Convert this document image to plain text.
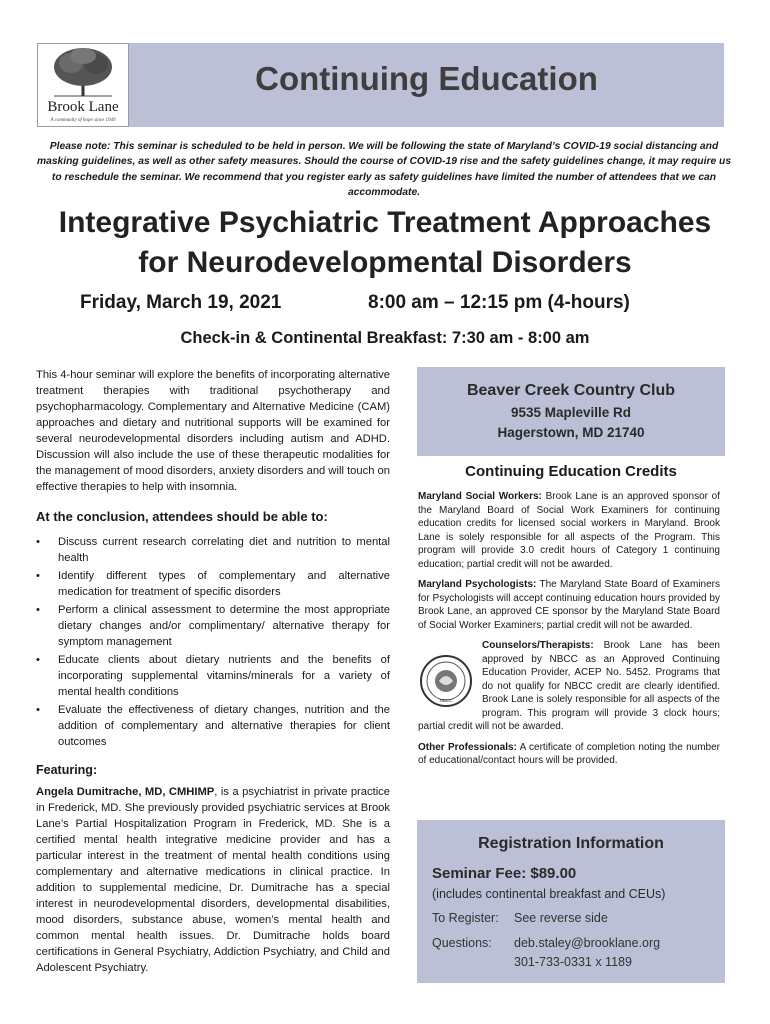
Brook Lane
A community of hope since 1949
Continuing Education
Please note: This seminar is scheduled to be held in person. We will be following the state of Maryland’s COVID-19 social distancing and masking guidelines, as well as other safety measures. Should the course of COVID-19 rise and the safety guidelines change, it may require us to reschedule the seminar. We recommend that you register early as safety guidelines have limited the number of attendees that we can accommodate.
Integrative Psychiatric Treatment Approaches
for Neurodevelopmental Disorders
Friday, March 19, 2021	8:00 am – 12:15 pm (4-hours)
Check-in & Continental Breakfast: 7:30 am - 8:00 am

This 4-hour seminar will explore the benefits of incorporating alternative treatment therapies with traditional psychotherapy and psychopharmacology. Complementary and Alternative Medicine (CAM) approaches and dietary and nutritional supports will be examined for several neurodevelopmental disorders including autism and ADHD. Discussion will also include the use of these therapeutic modalities for the management of mood disorders, anxiety disorders and will touch on effective therapies to help with insomnia.

At the conclusion, attendees should be able to:
• Discuss current research correlating diet and nutrition to mental health
• Identify different types of complementary and alternative medication for treatment of specific disorders
• Perform a clinical assessment to determine the most appropriate dietary changes and/or complimentary/ alternative therapy for symptom management
• Educate clients about dietary nutrients and the benefits of incorporating supplemental vitamins/minerals for a variety of mental health conditions
• Evaluate the effectiveness of dietary changes, nutrition and the addition of complementary and alternative therapies for client outcomes
Featuring:

Angela Dumitrache, MD, CMHIMP, is a psychiatrist in private practice in Frederick, MD. She previously provided psychiatric services at Brook Lane’s Partial Hospitalization Program in Frederick, MD. She is a certified mental health integrative medicine provider and has a particular interest in the treatment of mental health conditions using complementary and alternative medications in clinical practice. In addition to supplemental medicine, Dr. Dumitrache has a special interest in neurodevelopmental disorders, developmental disabilities, mood disorders, substance abuse, women’s mental health and common mental health issues. Dr. Dumitrache holds board certifications in General Psychiatry, Addiction Psychiatry, and Child and Adolescent Psychiatry.

Beaver Creek Country Club
9535 Mapleville Rd
Hagerstown, MD 21740
Continuing Education Credits

Maryland Social Workers: Brook Lane is an approved sponsor of the Maryland Board of Social Work Examiners for continuing education credits for licensed social workers in Maryland. Brook Lane is solely responsible for all aspects of the Program. This program will provide 3.0 credit hours of Category 1 continuing education; partial credit will not be awarded.

Maryland Psychologists: The Maryland State Board of Examiners for Psychologists will accept continuing education hours provided by Brook Lane, an approved CE sponsor by the Maryland State Board of Social Worker Examiners; partial credit will not be awarded.

NBCC
Counselors/Therapists: Brook Lane has been approved by NBCC as an Approved Continuing Education Provider, ACEP No. 5452. Programs that do not qualify for NBCC credit are clearly identified. Brook Lane is solely responsible for all aspects of the program. This program will provide 3 clock hours; partial credit will not be awarded.

Other Professionals: A certificate of completion noting the number of educational/contact hours will be provided.

Registration Information
Seminar Fee: $89.00
(includes continental breakfast and CEUs)
To Register: See reverse side
Questions: deb.staley@brooklane.org
301-733-0331 x 1189
